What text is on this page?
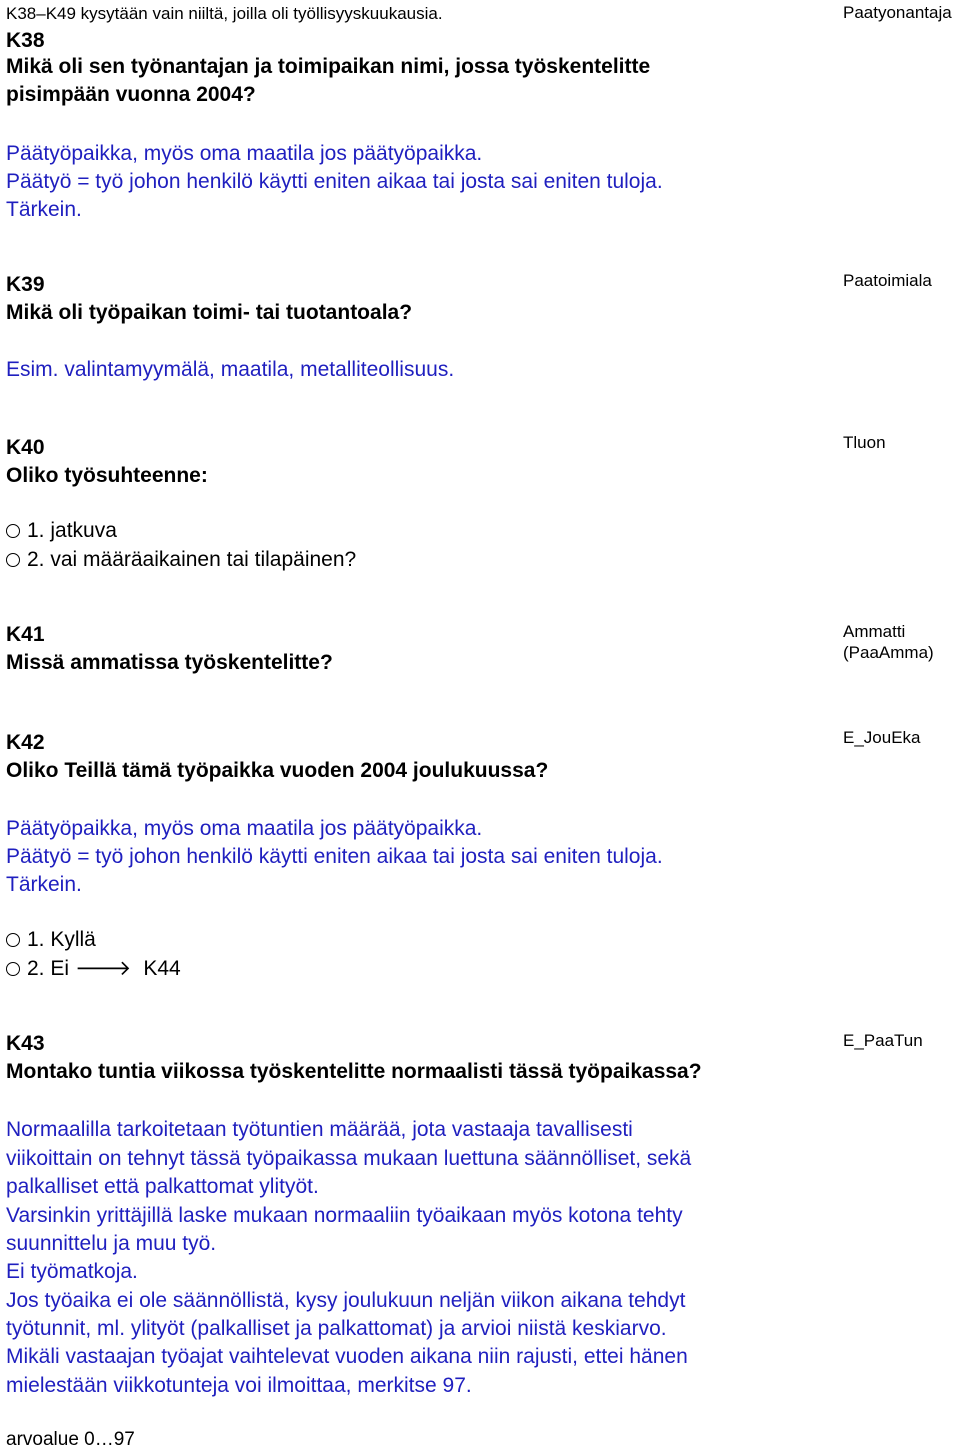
K38–K49 kysytään vain niiltä, joilla oli työllisyyskuukausia.
K38
Mikä oli sen työnantajan ja toimipaikan nimi, jossa työskentelitte
pisimpään vuonna 2004?
Paatyonantaja
Päätyöpaikka, myös oma maatila jos päätyöpaikka.
Päätyö = työ johon henkilö käytti eniten aikaa tai josta sai eniten tuloja.
Tärkein.
K39
Mikä oli työpaikan toimi- tai tuotantoala?
Paatoimiala
Esim. valintamyymälä, maatila, metalliteollisuus.
K40
Oliko työsuhteenne:
Tluon
1. jatkuva
2. vai määräaikainen tai tilapäinen?
K41
Missä ammatissa työskentelitte?
Ammatti
(PaaAmma)
K42
Oliko Teillä tämä työpaikka vuoden 2004 joulukuussa?
E_JouEka
Päätyöpaikka, myös oma maatila jos päätyöpaikka.
Päätyö = työ johon henkilö käytti eniten aikaa tai josta sai eniten tuloja.
Tärkein.
1. Kyllä
2. Ei 🡒 K44
K43
Montako tuntia viikossa työskentelitte normaalisti tässä työpaikassa?
E_PaaTun
Normaalilla tarkoitetaan työtuntien määrää, jota vastaaja tavallisesti
viikoittain on tehnyt tässä työpaikassa mukaan luettuna säännölliset, sekä
palkalliset että palkattomat ylityöt.
Varsinkin yrittäjillä laske mukaan normaaliin työaikaan myös kotona tehty
suunnittelu ja muu työ.
Ei työmatkoja.
Jos työaika ei ole säännöllistä, kysy joulukuun neljän viikon aikana tehdyt
työtunnit, ml. ylityöt (palkalliset ja palkattomat) ja arvioi niistä keskiarvo.
Mikäli vastaajan työajat vaihtelevat vuoden aikana niin rajusti, ettei hänen
mielestään viikkotunteja voi ilmoittaa, merkitse 97.
arvoalue 0…97
